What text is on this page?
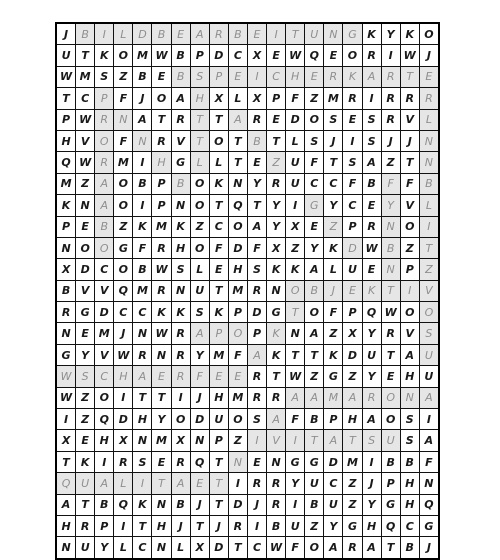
J	B	I	L	D	B	E	A	R	B	E	I	T	U	N	G	K	Y	K	O
U	T	K	O	M	W	B	P	D	C	X	E	W	Q	E	O	R	I	W	J
W	M	S	Z	B	E	B	S	P	E	I	C	H	E	R	K	A	R	T	E
T	C	P	F	J	O	A	H	X	L	X	P	F	Z	M	R	I	R	R	R
P	W	R	N	A	T	R	T	T	A	R	E	D	O	S	E	S	R	V	L
H	V	O	F	N	R	V	T	O	T	B	T	L	S	J	I	S	J	J	N
Q	W	R	M	I	H	G	L	L	T	E	Z	U	F	T	S	A	Z	T	N
M	Z	A	O	B	P	B	O	K	N	Y	R	U	C	C	F	B	F	F	B
K	N	A	O	I	P	N	O	T	Q	T	Y	I	G	Y	C	E	Y	V	L
P	E	B	Z	K	M	K	Z	C	O	A	Y	X	E	Z	P	R	N	O	I
N	O	O	G	F	R	H	O	F	D	F	X	Z	Y	K	D	W	B	Z	T
X	D	C	O	B	W	S	L	E	H	S	K	K	A	L	U	E	N	P	Z
B	V	V	Q	M	R	N	U	T	M	R	N	O	B	J	E	K	T	I	V
R	G	D	C	C	K	K	S	K	P	D	G	T	O	F	P	Q	W	O	O
N	E	M	J	N	W	R	A	P	O	P	K	N	A	Z	X	Y	R	V	S
G	Y	V	W	R	N	R	Y	M	F	A	K	T	T	K	D	U	T	A	U
W	S	C	H	A	E	R	F	E	E	R	T	W	Z	G	Z	Y	E	H	U
W	Z	O	I	T	T	I	J	H	M	R	R	A	A	M	A	R	O	N	A
I	Z	Q	D	H	Y	O	D	U	O	S	A	F	B	P	H	A	O	S	I
X	E	H	X	N	M	X	N	P	Z	I	V	I	T	A	T	S	U	S	A
T	K	I	R	S	E	R	Q	T	N	E	N	G	G	D	M	I	B	B	F
Q	U	A	L	I	T	A	E	T	I	R	R	Y	U	C	Z	J	P	H	N
A	T	B	Q	K	N	B	J	T	D	J	R	I	B	U	Z	Y	G	H	Q
H	R	P	I	T	H	J	T	J	R	I	B	U	Z	Y	G	H	Q	C	G
N	U	Y	L	C	N	L	X	D	T	C	W	F	O	A	R	A	T	B	J
